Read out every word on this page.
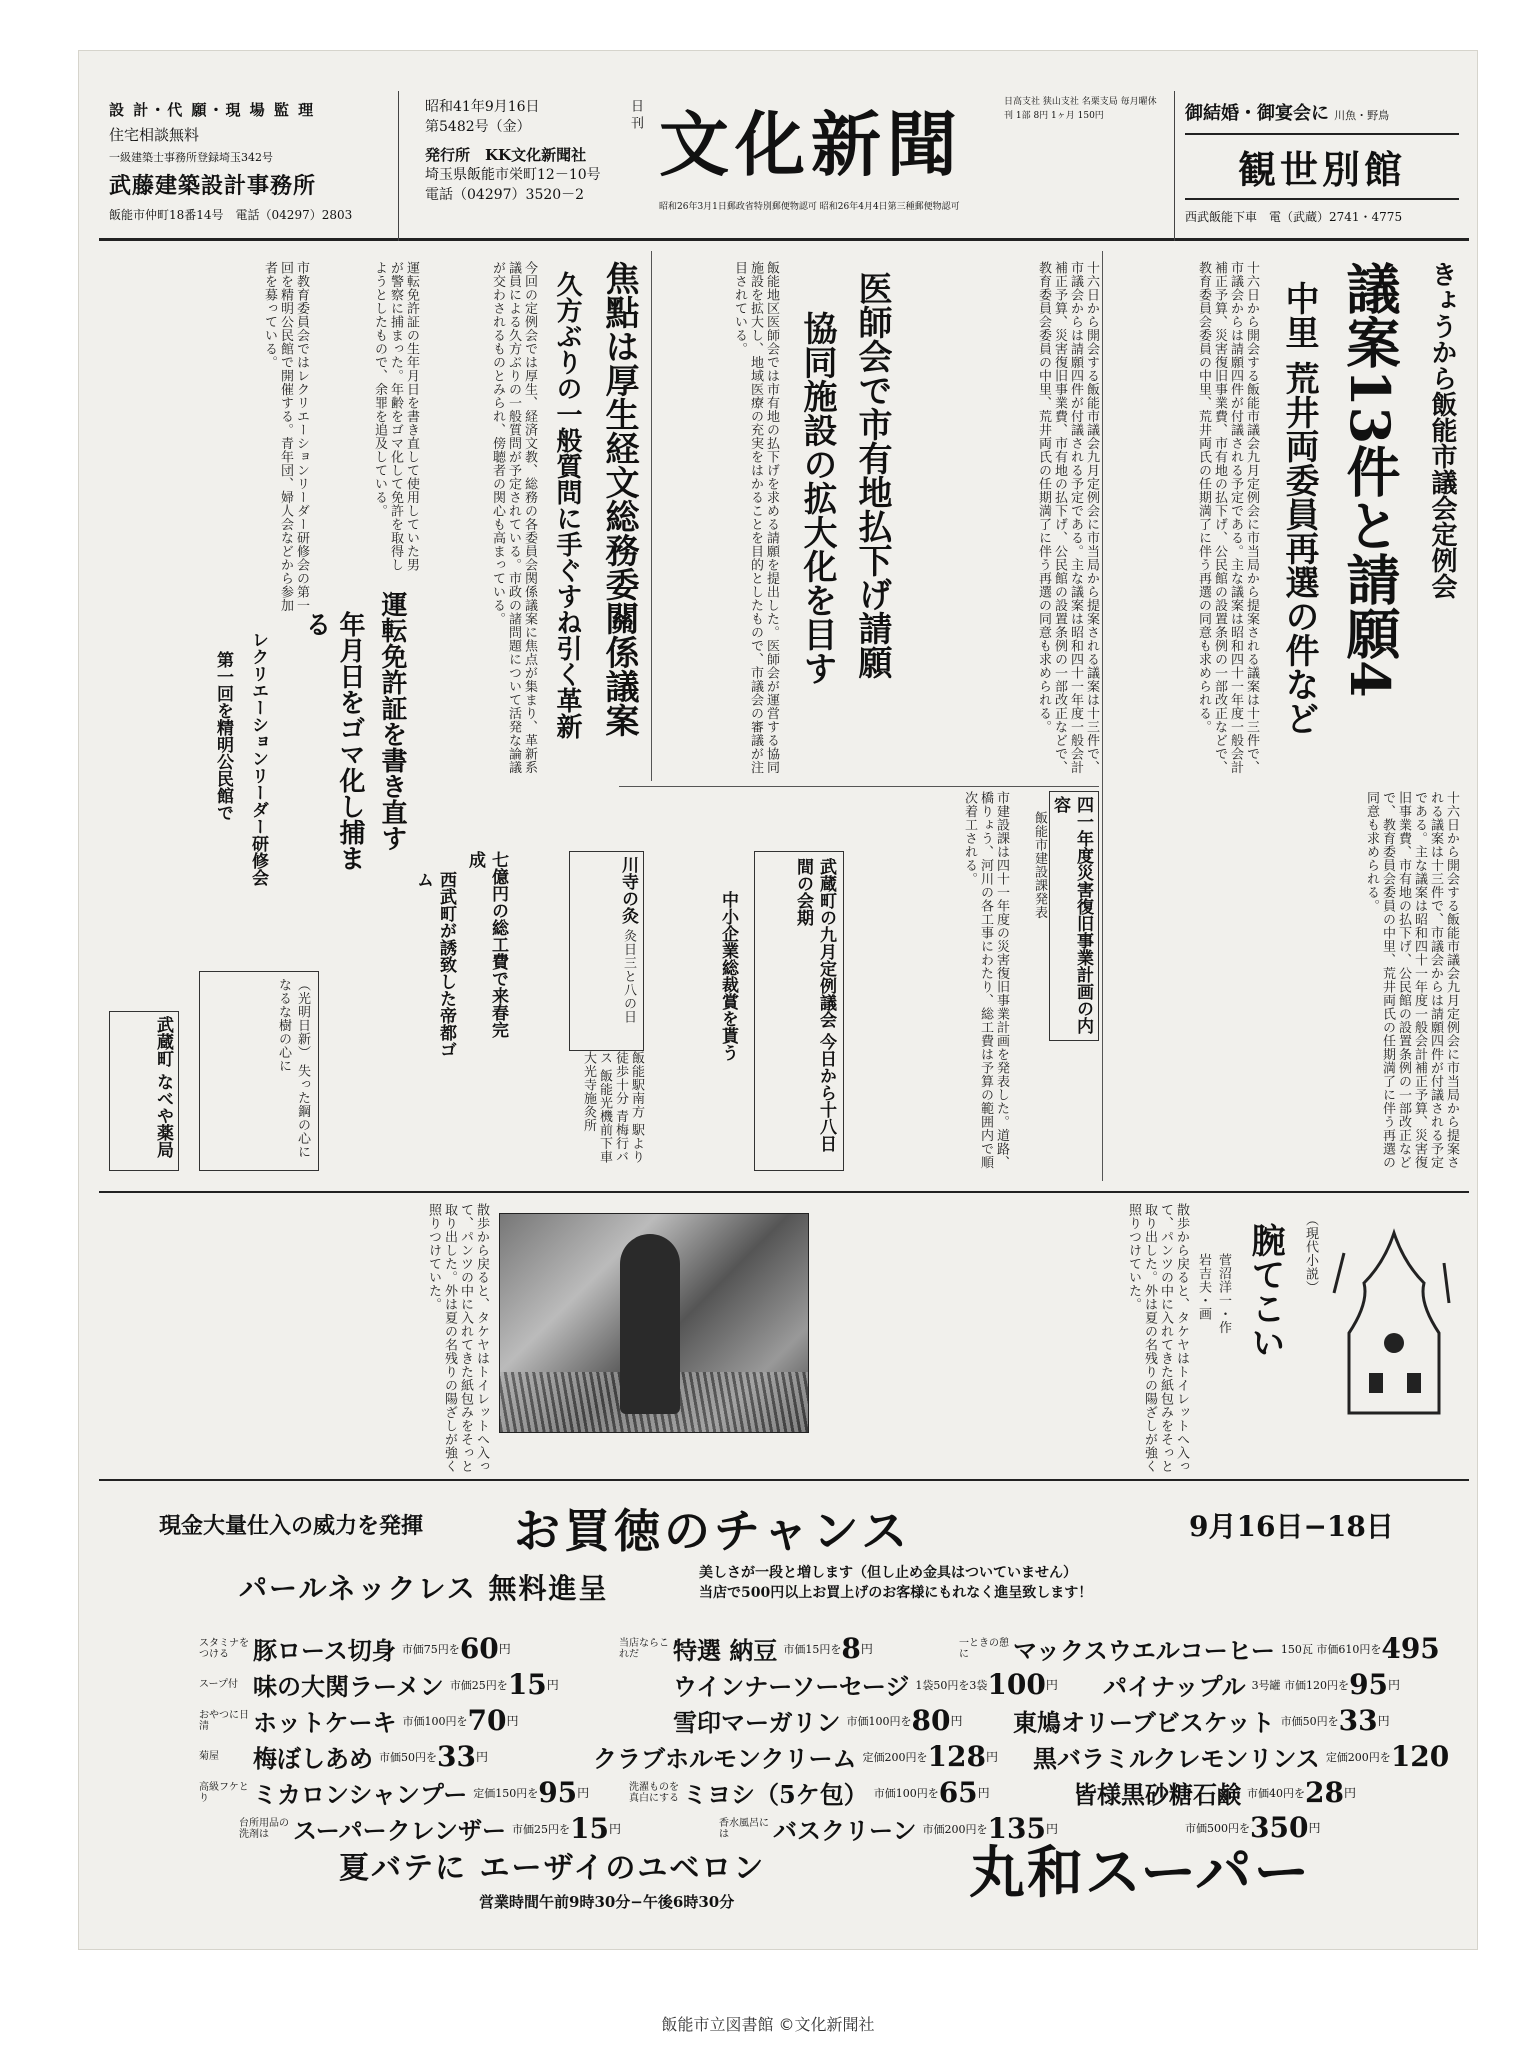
設 計・代 願・現 場 監 理
住宅相談無料
一級建築士事務所登録埼玉342号
武藤建築設計事務所
飯能市仲町18番14号　電話（04297）2803
昭和41年9月16日
第5482号（金）
発行所　KK文化新聞社
埼玉県飯能市栄町12－10号
電話（04297）3520－2
日 刊 文化新聞
昭和26年3月1日郵政省特別郵便物認可 昭和26年4月4日第三種郵便物認可
日高支社 狭山支社 名栗支局 毎月曜休刊 1部 8円 1ヶ月 150円	御結婚・御宴会に 川魚・野鳥
観世別館
西武飯能下車　電（武蔵）2741・4775
きょうから飯能市議会定例会
議案13件と請願4
中里 荒井両委員再選の件など
十六日から開会する飯能市議会九月定例会に市当局から提案される議案は十三件で、市議会からは請願四件が付議される予定である。主な議案は昭和四十一年度一般会計補正予算、災害復旧事業費、市有地の払下げ、公民館の設置条例の一部改正などで、教育委員会委員の中里、荒井両氏の任期満了に伴う再選の同意も求められる。
十六日から開会する飯能市議会九月定例会に市当局から提案される議案は十三件で、市議会からは請願四件が付議される予定である。主な議案は昭和四十一年度一般会計補正予算、災害復旧事業費、市有地の払下げ、公民館の設置条例の一部改正などで、教育委員会委員の中里、荒井両氏の任期満了に伴う再選の同意も求められる。
四一年度災害復旧事業計画の内容
飯能市建設課発表
市建設課は四十一年度の災害復旧事業計画を発表した。道路、橋りょう、河川の各工事にわたり、総工費は予算の範囲内で順次着工される。
十六日から開会する飯能市議会九月定例会に市当局から提案される議案は十三件で、市議会からは請願四件が付議される予定である。主な議案は昭和四十一年度一般会計補正予算、災害復旧事業費、市有地の払下げ、公民館の設置条例の一部改正などで、教育委員会委員の中里、荒井両氏の任期満了に伴う再選の同意も求められる。
医師会で市有地払下げ請願
協同施設の拡大化を目す
飯能地区医師会では市有地の払下げを求める請願を提出した。医師会が運営する協同施設を拡大し、地域医療の充実をはかることを目的としたもので、市議会の審議が注目されている。
武蔵町の九月定例議会 今日から十八日間の会期
中小企業総裁賞を貰う
焦點は厚生経文総務委關係議案
久方ぶりの一般質問に手ぐすね引く革新
今回の定例会では厚生、経済文教、総務の各委員会関係議案に焦点が集まり、革新系議員による久方ぶりの一般質問が予定されている。市政の諸問題について活発な論議が交わされるものとみられ、傍聴者の関心も高まっている。
川寺の灸 灸日三と八の日
飯能駅南方 駅より徒歩十分 青梅行バス 飯能光機前下車 大光寺施灸所
七億円の総工費で来春完成
西武町が誘致した帝都ゴム
運転免許証を書き直す
年月日をゴマ化し捕まる
運転免許証の生年月日を書き直して使用していた男が警察に捕まった。年齢をゴマ化して免許を取得しようとしたもので、余罪を追及している。
レクリエーションリーダー研修会
第一回を精明公民館で
市教育委員会ではレクリエーションリーダー研修会の第一回を精明公民館で開催する。青年団、婦人会などから参加者を募っている。
（光明日新） 失った鋼の心になるな樹の心に
武蔵町 なべや薬局
散歩から戻ると、タケヤはトイレットへ入って、パンツの中に入れてきた紙包みをそっと取り出した。外は夏の名残りの陽ざしが強く照りつけていた。	散歩から戻ると、タケヤはトイレットへ入って、パンツの中に入れてきた紙包みをそっと取り出した。外は夏の名残りの陽ざしが強く照りつけていた。	（現代小説）
腕てこい
菅沼洋一・作
岩吉夫・画
現金大量仕入の威力を発揮 お買徳のチャンス	9月16日−18日
パールネックレス 無料進呈	美しさが一段と増します（但し止め金具はついていません）
当店で500円以上お買上げのお客様にもれなく進呈致します！
スタミナをつける 豚ロース切身 市価75円を60円	当店ならこれだ 特選 納豆 市価15円を8円	一ときの憩に マックスウエルコーヒー 150瓦 市価610円を495
スープ付 味の大関ラーメン 市価25円を15円	ウインナーソーセージ 1袋50円を3袋100円	パイナップル 3号罐 市価120円を95円
おやつに日清 ホットケーキ 市価100円を70円	雪印マーガリン 市価100円を80円	東鳩オリーブビスケット 市価50円を33円
菊屋 梅ぼしあめ 市価50円を33円	クラブホルモンクリーム 定価200円を128円	黒バラミルクレモンリンス 定価200円を120
高級フケとり ミカロンシャンプー 定価150円を95円	洗濯ものを真白にする ミヨシ（5ケ包） 市価100円を65円	皆様黒砂糖石鹸 市価40円を28円
台所用品の洗剤は スーパークレンザー 市価25円を15円	香水風呂には バスクリーン 市価200円を135円	市価500円を350円
夏バテに エーザイのユベロン
営業時間午前9時30分−午後6時30分	丸和スーパー
飯能市立図書館 ©文化新聞社
